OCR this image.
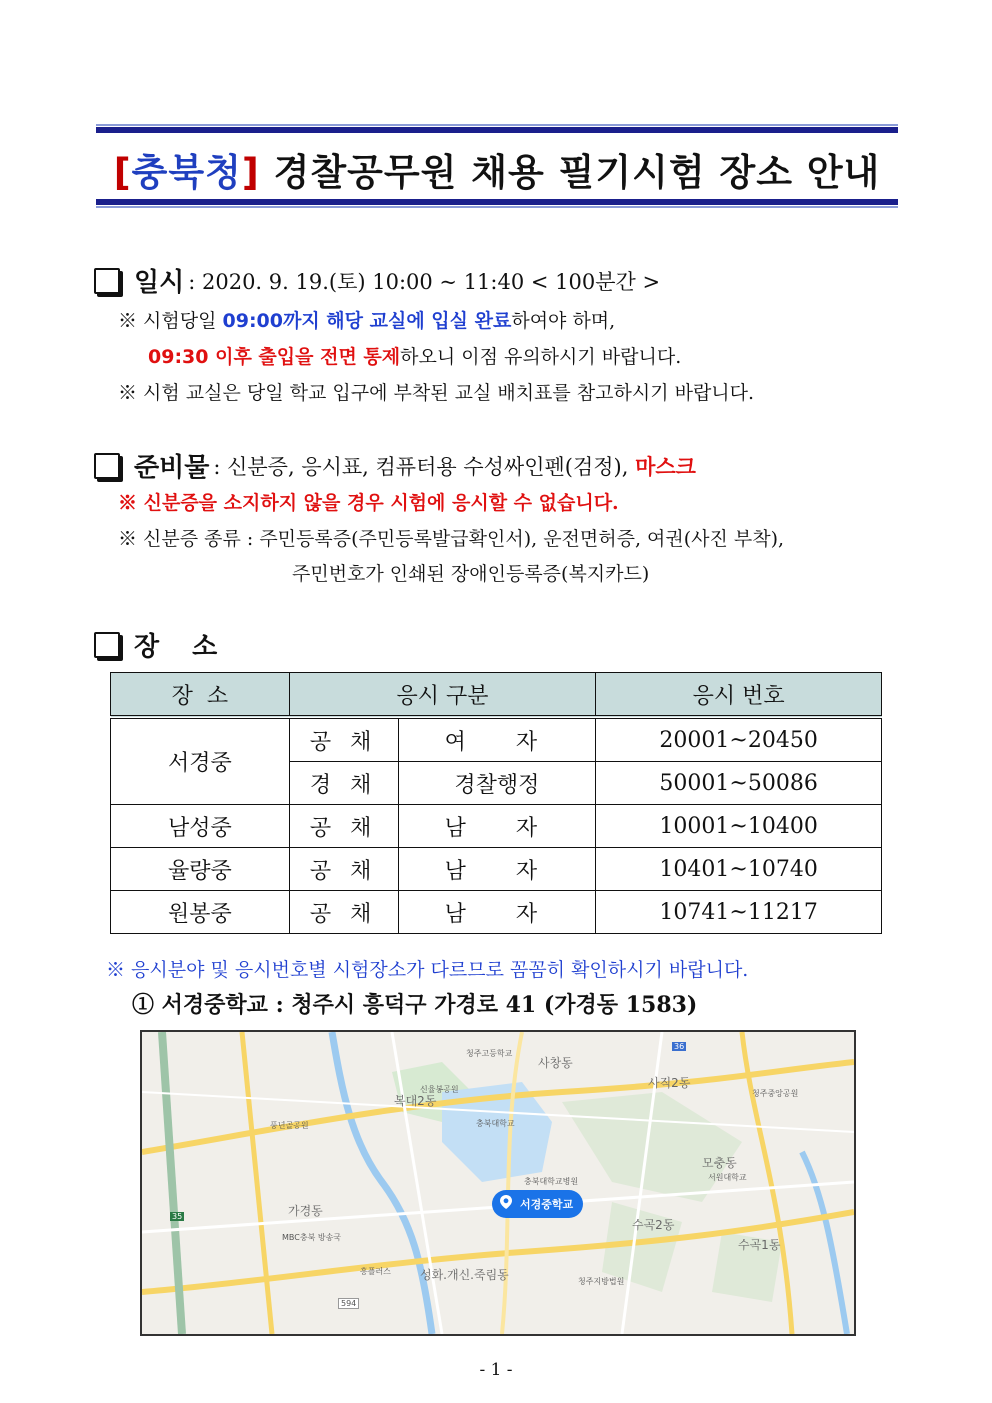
[충북청] 경찰공무원 채용 필기시험 장소 안내
일시 : 2020. 9. 19.(토) 10:00 ~ 11:40 < 100분간 >
※ 시험당일 09:00까지 해당 교실에 입실 완료하여야 하며,
09:30 이후 출입을 전면 통제하오니 이점 유의하시기 바랍니다.
※ 시험 교실은 당일 학교 입구에 부착된 교실 배치표를 참고하시기 바랍니다.
준비물 : 신분증, 응시표, 컴퓨터용 수성싸인펜(검정), 마스크
※ 신분증을 소지하지 않을 경우 시험에 응시할 수 없습니다.
※ 신분증 종류 : 주민등록증(주민등록발급확인서), 운전면허증, 여권(사진 부착),
주민번호가 인쇄된 장애인등록증(복지카드)
장 소
장  소	응시 구분		응시 번호
서경중	공 채	여  자	20001~20450
	경 채	경찰행정	50001~50086
남성중	공 채	남  자	10001~10400
율량중	공 채	남  자	10401~10740
원봉중	공 채	남  자	10741~11217
※ 응시분야 및 응시번호별 시험장소가 다르므로 꼼꼼히 확인하시기 바랍니다.
① 서경중학교 : 청주시 흥덕구 가경로 41 (가경동 1583)
사창동
사직2동
복대2동
모충동
가경동
수곡2동
수곡1동
성화.개신.죽림동
청주고등학교
충북대학교
서원대학교
충북대학교병원
신율봉공원
풍년골공원
흥플러스
청주중앙공원
청주지방법원
MBC충북 방송국
594
35
36
서경중학교
- 1 -
